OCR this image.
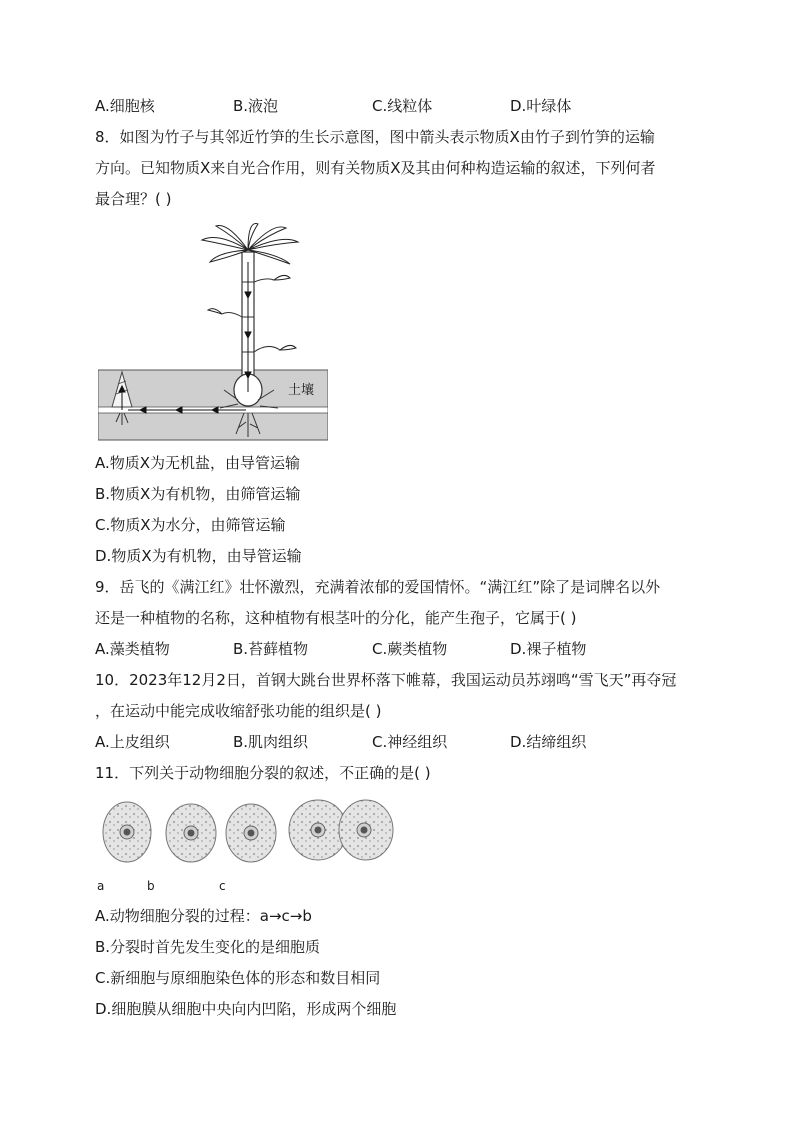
A.细胞核	B.液泡	C.线粒体	D.叶绿体
8．如图为竹子与其邻近竹笋的生长示意图，图中箭头表示物质X由竹子到竹笋的运输
方向。已知物质X来自光合作用，则有关物质X及其由何种构造运输的叙述，下列何者
最合理？( )
土壤
A.物质X为无机盐，由导管运输
B.物质X为有机物，由筛管运输
C.物质X为水分，由筛管运输
D.物质X为有机物，由导管运输
9．岳飞的《满江红》壮怀激烈，充满着浓郁的爱国情怀。“满江红”除了是词牌名以外
还是一种植物的名称，这种植物有根茎叶的分化，能产生孢子，它属于( )
A.藻类植物	B.苔藓植物	C.蕨类植物	D.裸子植物
10．2023年12月2日，首钢大跳台世界杯落下帷幕，我国运动员苏翊鸣“雪飞天”再夺冠
，在运动中能完成收缩舒张功能的组织是( )
A.上皮组织	B.肌肉组织	C.神经组织	D.结缔组织
11．下列关于动物细胞分裂的叙述，不正确的是( )
a	b	c
A.动物细胞分裂的过程：a→c→b
B.分裂时首先发生变化的是细胞质
C.新细胞与原细胞染色体的形态和数目相同
D.细胞膜从细胞中央向内凹陷，形成两个细胞
